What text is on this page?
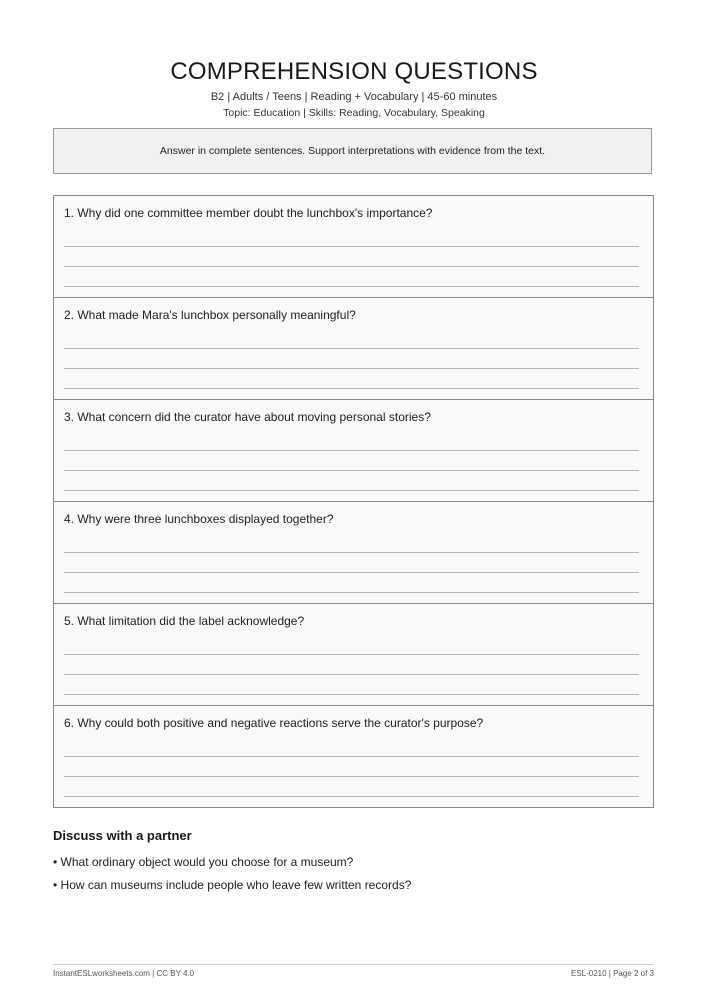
COMPREHENSION QUESTIONS
B2 | Adults / Teens | Reading + Vocabulary | 45-60 minutes
Topic: Education | Skills: Reading, Vocabulary, Speaking
Answer in complete sentences. Support interpretations with evidence from the text.
1. Why did one committee member doubt the lunchbox's importance?
2. What made Mara's lunchbox personally meaningful?
3. What concern did the curator have about moving personal stories?
4. Why were three lunchboxes displayed together?
5. What limitation did the label acknowledge?
6. Why could both positive and negative reactions serve the curator's purpose?
Discuss with a partner
• What ordinary object would you choose for a museum?
• How can museums include people who leave few written records?
InstantESLworksheets.com | CC BY 4.0	ESL-0210 | Page 2 of 3
